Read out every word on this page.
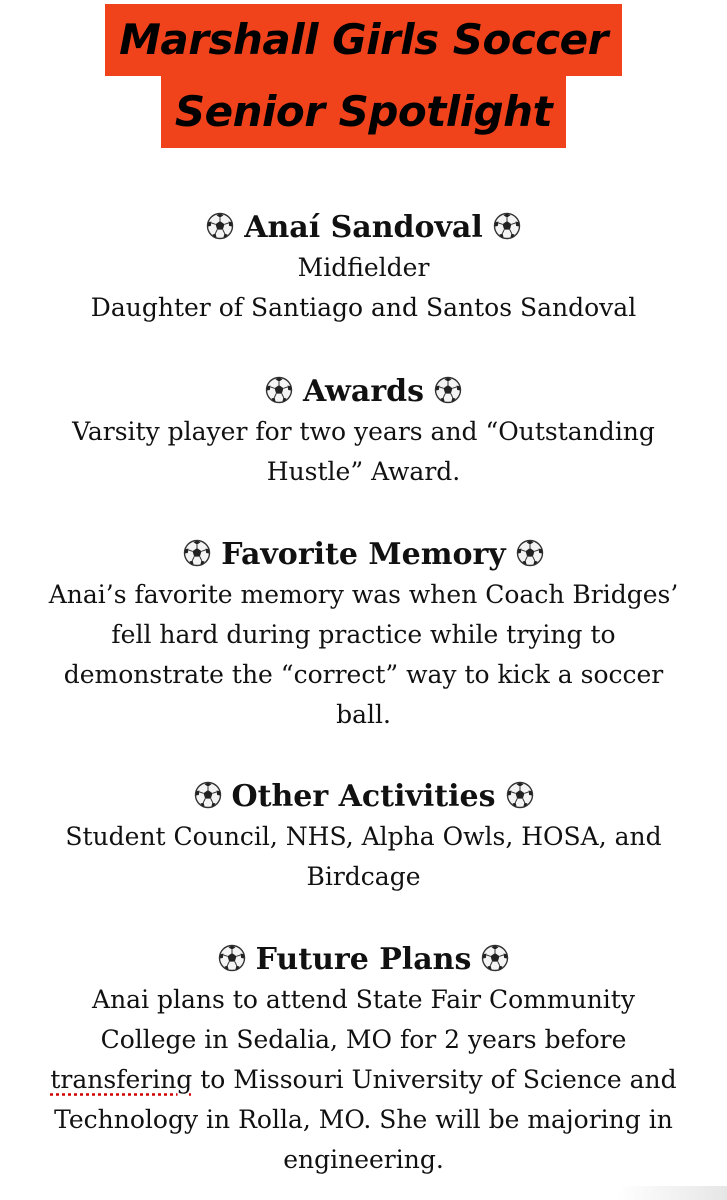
Marshall Girls Soccer
Senior Spotlight
Anaí Sandoval
Midfielder
Daughter of Santiago and Santos Sandoval
Awards
Varsity player for two years and “Outstanding
Hustle” Award.
Favorite Memory
Anai’s favorite memory was when Coach Bridges’
fell hard during practice while trying to
demonstrate the “correct” way to kick a soccer
ball.
Other Activities
Student Council, NHS, Alpha Owls, HOSA, and
Birdcage
Future Plans
Anai plans to attend State Fair Community
College in Sedalia, MO for 2 years before
transfering to Missouri University of Science and
Technology in Rolla, MO. She will be majoring in
engineering.
